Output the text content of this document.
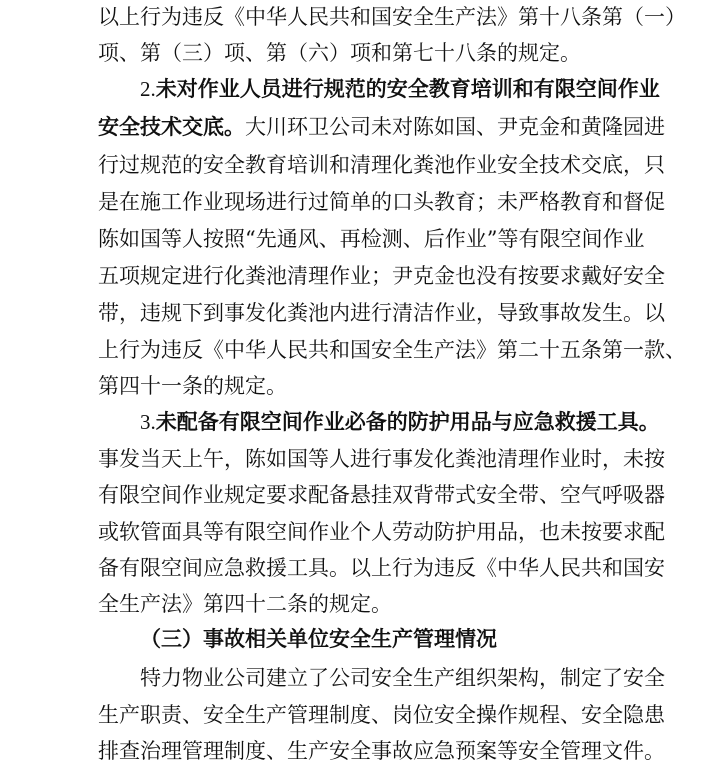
以上行为违反《中华人民共和国安全生产法》第十八条第（一）
项、第（三）项、第（六）项和第七十八条的规定。
2.未对作业人员进行规范的安全教育培训和有限空间作业
安全技术交底。大川环卫公司未对陈如国、尹克金和黄隆园进
行过规范的安全教育培训和清理化粪池作业安全技术交底，只
是在施工作业现场进行过简单的口头教育；未严格教育和督促
陈如国等人按照“先通风、再检测、后作业”等有限空间作业
五项规定进行化粪池清理作业；尹克金也没有按要求戴好安全
带，违规下到事发化粪池内进行清洁作业，导致事故发生。以
上行为违反《中华人民共和国安全生产法》第二十五条第一款、
第四十一条的规定。
3.未配备有限空间作业必备的防护用品与应急救援工具。
事发当天上午，陈如国等人进行事发化粪池清理作业时，未按
有限空间作业规定要求配备悬挂双背带式安全带、空气呼吸器
或软管面具等有限空间作业个人劳动防护用品，也未按要求配
备有限空间应急救援工具。以上行为违反《中华人民共和国安
全生产法》第四十二条的规定。
（三）事故相关单位安全生产管理情况
特力物业公司建立了公司安全生产组织架构，制定了安全
生产职责、安全生产管理制度、岗位安全操作规程、安全隐患
排查治理管理制度、生产安全事故应急预案等安全管理文件。
